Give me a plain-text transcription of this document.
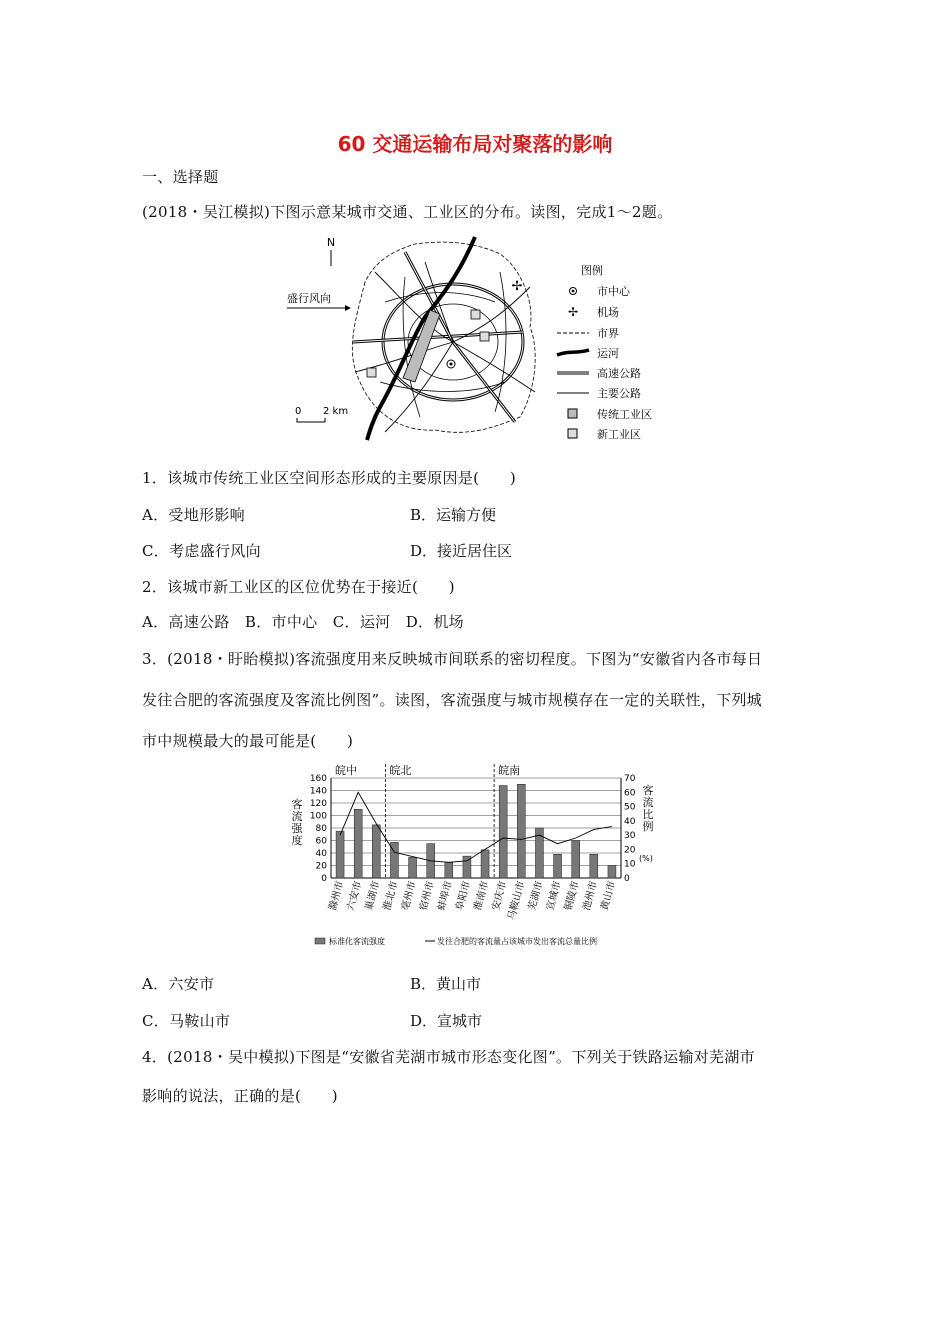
60 交通运输布局对聚落的影响
一、选择题
(2018・吴江模拟)下图示意某城市交通、工业区的分布。读图，完成1～2题。
N
盛行风向
0 2 km
✢
图例
市中心
✢ 机场
市界
运河
高速公路
主要公路
传统工业区
新工业区
1．该城市传统工业区空间形态形成的主要原因是(　　)
A．受地形影响	B．运输方便
C．考虑盛行风向	D．接近居住区
2．该城市新工业区的区位优势在于接近(　　)
A．高速公路　B．市中心　C．运河　D．机场
3．(2018・盱眙模拟)客流强度用来反映城市间联系的密切程度。下图为“安徽省内各市每日
发往合肥的客流强度及客流比例图”。读图，客流强度与城市规模存在一定的关联性，下列城
市中规模最大的最可能是(　　)
0
20
40
60
80
100
120
140
160
0
10
20
30
40
50
60
70
(%)
客
流
强
度
客
流
比
例
皖中	皖北	皖南
滁州市 六安市 巢湖市 淮北市 亳州市 宿州市 蚌埠市 阜阳市 淮南市 安庆市
马鞍山市 芜湖市 宣城市 铜陵市 池州市 黄山市
标准化客流强度	发往合肥的客流量占该城市发出客流总量比例
A．六安市	B．黄山市
C．马鞍山市	D．宣城市
4．(2018・吴中模拟)下图是“安徽省芜湖市城市形态变化图”。下列关于铁路运输对芜湖市
影响的说法，正确的是(　　)
